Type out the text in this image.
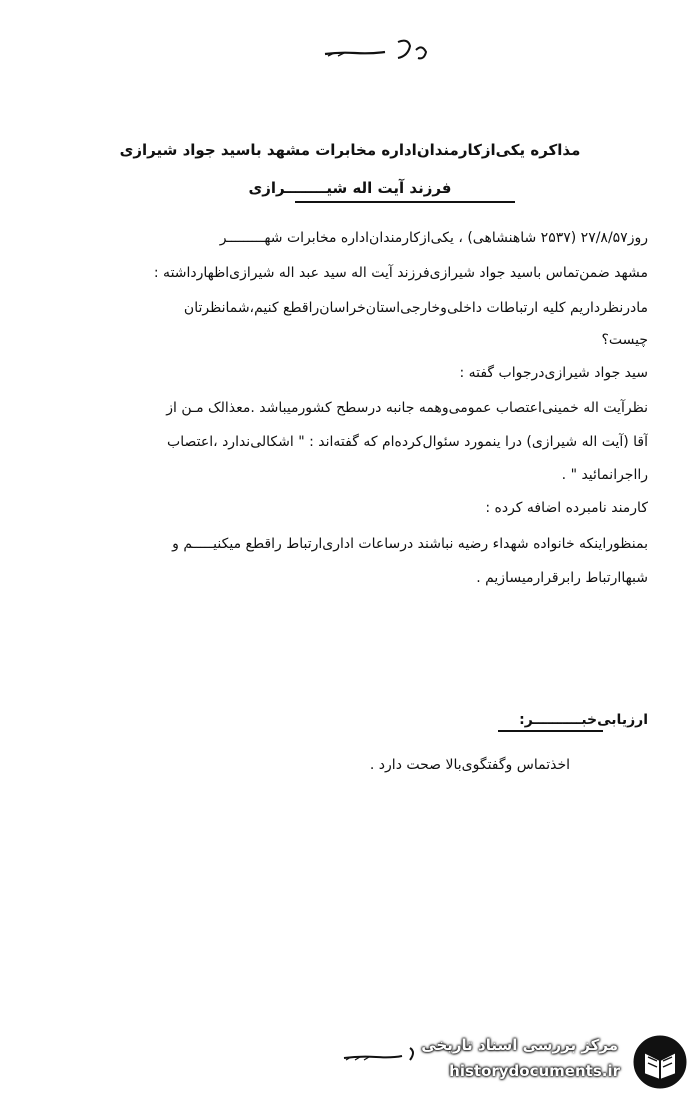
مذاکره یکی‌ازکارمندان‌اداره مخابرات مشهد باسید جواد شیرازی
فرزند آیت اله شیــــــــرازی
روز۲۷/۸/۵۷ (۲۵۳۷ شاهنشاهی) ، یکی‌ازکارمندان‌اداره مخابرات شهـــــــــر
مشهد ضمن‌تماس باسید جواد شیرازی‌فرزند آیت اله سید عبد اله شیرازی‌اظهارداشته :
مادرنظرداریم کلیه ارتباطات داخلی‌وخارجی‌استان‌خراسان‌راقطع کنیم،شمانظرتان
چیست؟
سید جواد شیرازی‌درجواب گفته :
نظرآیت اله خمینی‌اعتصاب عمومی‌وهمه جانبه درسطح کشورمیباشد .معذالک مـن از
آقا (آیت اله شیرازی) درا ینمورد سئوال‌کرده‌ام که گفته‌اند : " اشکالی‌ندارد ،اعتصاب
رااجرانمائید " .
کارمند نامبرده اضافه کرده :
بمنظوراینکه خانواده شهداء رضیه نباشند درساعات اداری‌ارتباط راقطع میکنیـــــم و
شبهاارتباط رابرقرارمیسازیم .
ارزیابی‌خبــــــــــر:
اخذتماس وگفتگوی‌بالا صحت دارد .
مرکز بررسی اسناد تاریخی
historydocuments.ir
